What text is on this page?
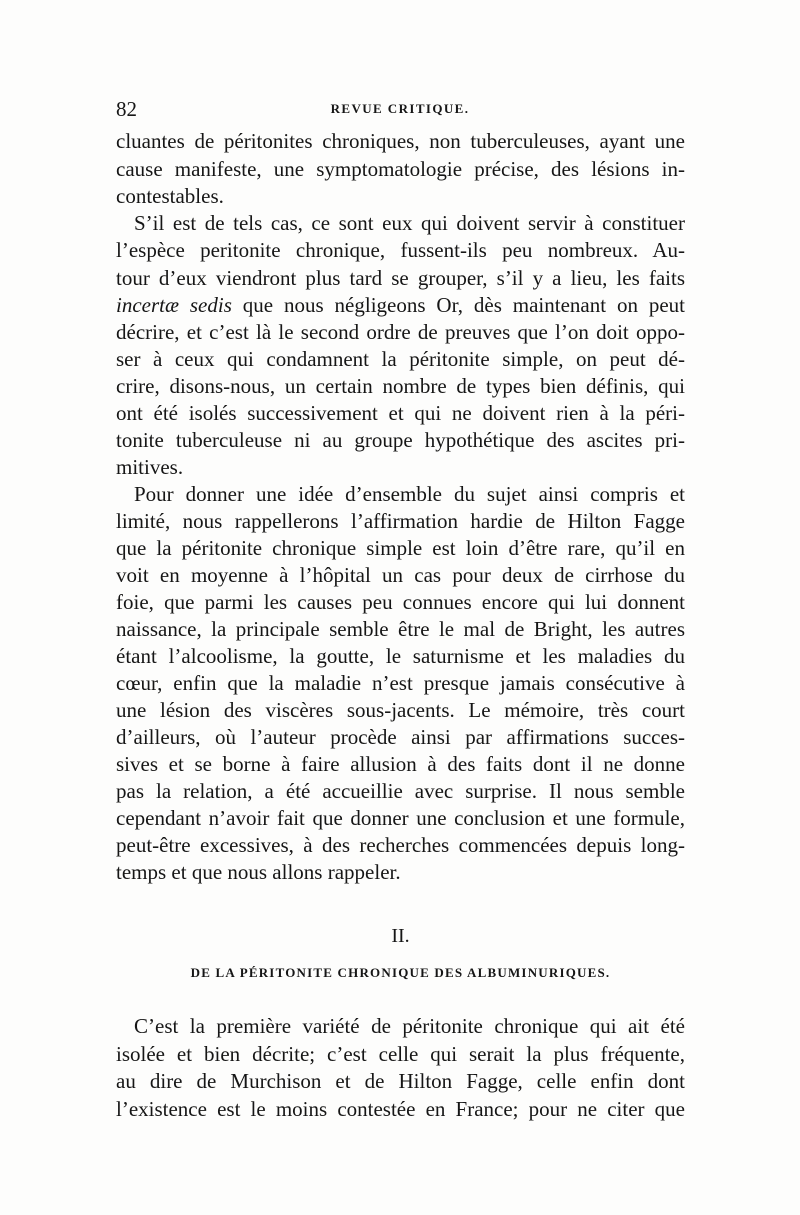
82	REVUE CRITIQUE.
cluantes de péritonites chroniques, non tuberculeuses, ayant une
cause manifeste, une symptomatologie précise, des lésions in-
contestables.
S’il est de tels cas, ce sont eux qui doivent servir à constituer
l’espèce peritonite chronique, fussent-ils peu nombreux. Au-
tour d’eux viendront plus tard se grouper, s’il y a lieu, les faits
incertæ sedis que nous négligeons Or, dès maintenant on peut
décrire, et c’est là le second ordre de preuves que l’on doit oppo-
ser à ceux qui condamnent la péritonite simple, on peut dé-
crire, disons-nous, un certain nombre de types bien définis, qui
ont été isolés successivement et qui ne doivent rien à la péri-
tonite tuberculeuse ni au groupe hypothétique des ascites pri-
mitives.
Pour donner une idée d’ensemble du sujet ainsi compris et
limité, nous rappellerons l’affirmation hardie de Hilton Fagge
que la péritonite chronique simple est loin d’être rare, qu’il en
voit en moyenne à l’hôpital un cas pour deux de cirrhose du
foie, que parmi les causes peu connues encore qui lui donnent
naissance, la principale semble être le mal de Bright, les autres
étant l’alcoolisme, la goutte, le saturnisme et les maladies du
cœur, enfin que la maladie n’est presque jamais consécutive à
une lésion des viscères sous-jacents. Le mémoire, très court
d’ailleurs, où l’auteur procède ainsi par affirmations succes-
sives et se borne à faire allusion à des faits dont il ne donne
pas la relation, a été accueillie avec surprise. Il nous semble
cependant n’avoir fait que donner une conclusion et une formule,
peut-être excessives, à des recherches commencées depuis long-
temps et que nous allons rappeler.
II.
DE LA PÉRITONITE CHRONIQUE DES ALBUMINURIQUES.
C’est la première variété de péritonite chronique qui ait été
isolée et bien décrite; c’est celle qui serait la plus fréquente,
au dire de Murchison et de Hilton Fagge, celle enfin dont
l’existence est le moins contestée en France; pour ne citer que
